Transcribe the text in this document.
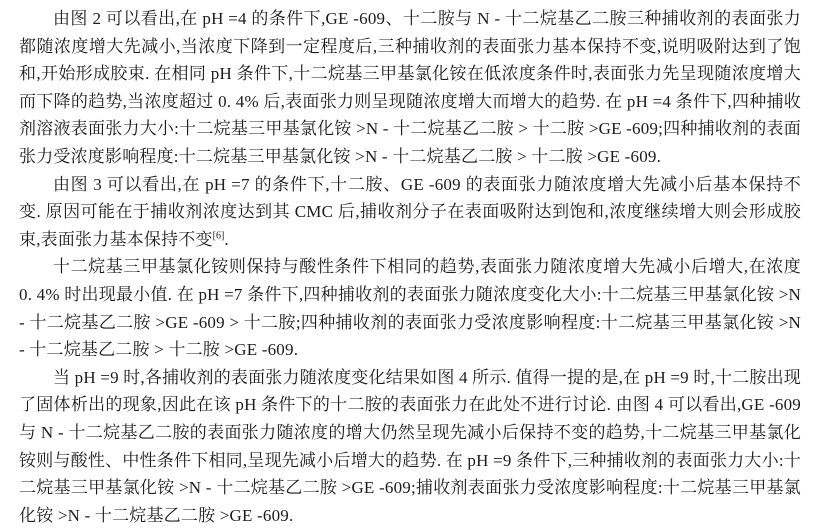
由图 2 可以看出,在 pH =4 的条件下,GE -609、十二胺与 N - 十二烷基乙二胺三种捕收剂的表面张力都随浓度增大先减小,当浓度下降到一定程度后,三种捕收剂的表面张力基本保持不变,说明吸附达到了饱和,开始形成胶束. 在相同 pH 条件下,十二烷基三甲基氯化铵在低浓度条件时,表面张力先呈现随浓度增大而下降的趋势,当浓度超过 0. 4% 后,表面张力则呈现随浓度增大而增大的趋势. 在 pH =4 条件下,四种捕收剂溶液表面张力大小:十二烷基三甲基氯化铵 >N - 十二烷基乙二胺 > 十二胺 >GE -609;四种捕收剂的表面张力受浓度影响程度:十二烷基三甲基氯化铵 >N - 十二烷基乙二胺 > 十二胺 >GE -609.

由图 3 可以看出,在 pH =7 的条件下,十二胺、GE -609 的表面张力随浓度增大先减小后基本保持不变. 原因可能在于捕收剂浓度达到其 CMC 后,捕收剂分子在表面吸附达到饱和,浓度继续增大则会形成胶束,表面张力基本保持不变[6].

十二烷基三甲基氯化铵则保持与酸性条件下相同的趋势,表面张力随浓度增大先减小后增大,在浓度 0. 4% 时出现最小值. 在 pH =7 条件下,四种捕收剂的表面张力随浓度变化大小:十二烷基三甲基氯化铵 >N - 十二烷基乙二胺 >GE -609 > 十二胺;四种捕收剂的表面张力受浓度影响程度:十二烷基三甲基氯化铵 >N - 十二烷基乙二胺 > 十二胺 >GE -609.

当 pH =9 时,各捕收剂的表面张力随浓度变化结果如图 4 所示. 值得一提的是,在 pH =9 时,十二胺出现了固体析出的现象,因此在该 pH 条件下的十二胺的表面张力在此处不进行讨论. 由图 4 可以看出,GE -609 与 N - 十二烷基乙二胺的表面张力随浓度的增大仍然呈现先减小后保持不变的趋势,十二烷基三甲基氯化铵则与酸性、中性条件下相同,呈现先减小后增大的趋势. 在 pH =9 条件下,三种捕收剂的表面张力大小:十二烷基三甲基氯化铵 >N - 十二烷基乙二胺 >GE -609;捕收剂表面张力受浓度影响程度:十二烷基三甲基氯化铵 >N - 十二烷基乙二胺 >GE -609.
